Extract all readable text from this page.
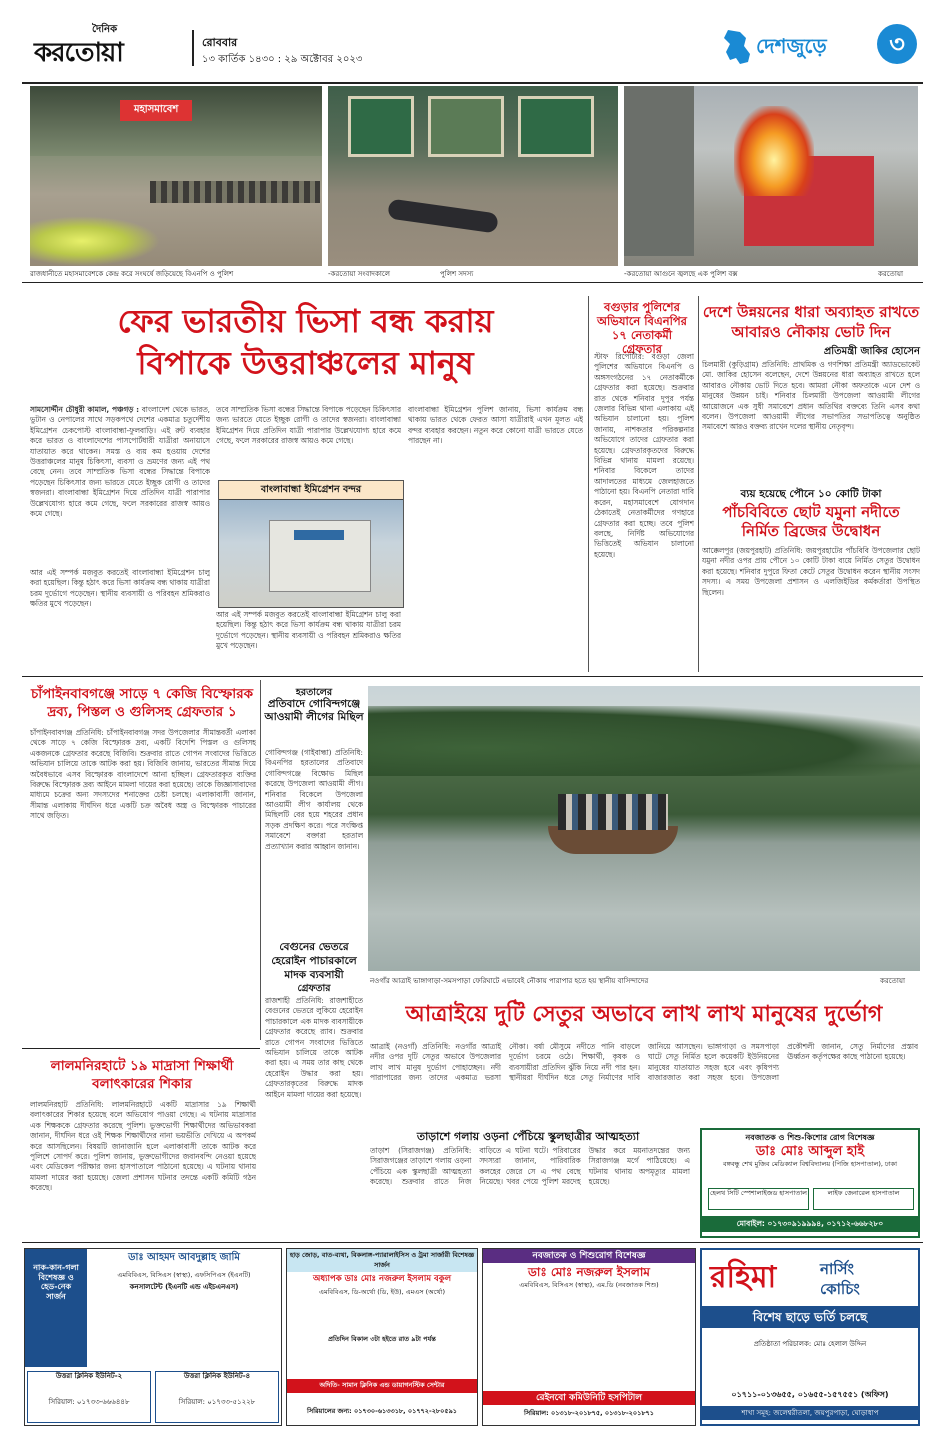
দৈনিক
করতোয়া	রোববার
১৩ কার্তিক ১৪৩০ : ২৯ অক্টোবর ২০২৩
দেশজুড়ে	৩
মহাসমাবেশ
রাজধানীতে মহাসমাবেশকে কেন্দ্র করে সংঘর্ষে জড়িয়েছে বিএনপি ও পুলিশ	-করতোয়া সংবাদকালে	পুলিশ সদস্য	-করতোয়া আগুনে জ্বলছে এক পুলিশ বক্স	করতোয়া
ফের ভারতীয় ভিসা বন্ধ করায়
বিপাকে উত্তরাঞ্চলের মানুষ
সামসোর্দ্দীন চৌধুরী কামাল, পঞ্চগড় : বাংলাদেশ থেকে ভারত, ভুটান ও নেপালের সাথে সড়কপথে দেশের একমাত্র চতুর্দেশীয় ইমিগ্রেশন চেকপোস্ট বাংলাবান্ধা-ফুলবাড়ি। এই রুট ব্যবহার করে ভারত ও বাংলাদেশের পাসপোর্টধারী যাত্রীরা অনায়াসে যাতায়াত করে থাকেন। সমস্ত ও ব্যয় কম হওয়ায় দেশের উত্তরাঞ্চলের মানুষ চিকিৎসা, ব্যবসা ও ভ্রমণের জন্য এই পথ বেছে নেন। তবে সাম্প্রতিক ভিসা বন্ধের সিদ্ধান্তে বিপাকে পড়েছেন চিকিৎসার জন্য ভারতে যেতে ইচ্ছুক রোগী ও তাদের স্বজনরা। বাংলাবান্ধা ইমিগ্রেশন দিয়ে প্রতিদিন যাত্রী পারাপার উল্লেখযোগ্য হারে কমে গেছে, ফলে সরকারের রাজস্ব আয়ও কমে গেছে।
তবে সাম্প্রতিক ভিসা বন্ধের সিদ্ধান্তে বিপাকে পড়েছেন চিকিৎসার জন্য ভারতে যেতে ইচ্ছুক রোগী ও তাদের স্বজনরা। বাংলাবান্ধা ইমিগ্রেশন দিয়ে প্রতিদিন যাত্রী পারাপার উল্লেখযোগ্য হারে কমে গেছে, ফলে সরকারের রাজস্ব আয়ও কমে গেছে।
বাংলাবান্ধা ইমিগ্রেশন পুলিশ জানায়, ভিসা কার্যক্রম বন্ধ থাকায় ভারত থেকে ফেরত আসা যাত্রীরাই এখন মূলত এই বন্দর ব্যবহার করছেন। নতুন করে কোনো যাত্রী ভারতে যেতে পারছেন না।
বাংলাবান্ধা ইমিগ্রেশন বন্দর
আর এই সম্পর্ক মজবুত করতেই বাংলাবান্ধা ইমিগ্রেশন চালু করা হয়েছিল। কিন্তু হঠাৎ করে ভিসা কার্যক্রম বন্ধ থাকায় যাত্রীরা চরম দুর্ভোগে পড়েছেন। স্থানীয় ব্যবসায়ী ও পরিবহন শ্রমিকরাও ক্ষতির মুখে পড়েছেন।
আর এই সম্পর্ক মজবুত করতেই বাংলাবান্ধা ইমিগ্রেশন চালু করা হয়েছিল। কিন্তু হঠাৎ করে ভিসা কার্যক্রম বন্ধ থাকায় যাত্রীরা চরম দুর্ভোগে পড়েছেন। স্থানীয় ব্যবসায়ী ও পরিবহন শ্রমিকরাও ক্ষতির মুখে পড়েছেন।
বগুড়ার পুলিশের অভিযানে বিএনপির ১৭ নেতাকর্মী গ্রেফতার
স্টাফ রিপোর্টার: বগুড়া জেলা পুলিশের অভিযানে বিএনপি ও অঙ্গসংগঠনের ১৭ নেতাকর্মীকে গ্রেফতার করা হয়েছে। শুক্রবার রাত থেকে শনিবার দুপুর পর্যন্ত জেলার বিভিন্ন থানা এলাকায় এই অভিযান চালানো হয়। পুলিশ জানায়, নাশকতার পরিকল্পনার অভিযোগে তাদের গ্রেফতার করা হয়েছে। গ্রেফতারকৃতদের বিরুদ্ধে বিভিন্ন থানায় মামলা রয়েছে। শনিবার বিকেলে তাদের আদালতের মাধ্যমে জেলহাজতে পাঠানো হয়। বিএনপি নেতারা দাবি করেন, মহাসমাবেশে যোগদান ঠেকাতেই নেতাকর্মীদের গণহারে গ্রেফতার করা হচ্ছে। তবে পুলিশ বলছে, নির্দিষ্ট অভিযোগের ভিত্তিতেই অভিযান চালানো হয়েছে।
দেশে উন্নয়নের ধারা অব্যাহত রাখতে
আবারও নৌকায় ভোট দিন
প্রতিমন্ত্রী জাকির হোসেন
চিলমারী (কুড়িগ্রাম) প্রতিনিধি: প্রাথমিক ও গণশিক্ষা প্রতিমন্ত্রী অ্যাডভোকেট মো. জাকির হোসেন বলেছেন, দেশে উন্নয়নের ধারা অব্যাহত রাখতে হলে আবারও নৌকায় ভোট দিতে হবে। আমরা নৌকা অফতাকে এনে দেশ ও মানুষের উন্নয়ন চাই। শনিবার চিলমারী উপজেলা আওয়ামী লীগের আয়োজনে এক সুধী সমাবেশে প্রধান অতিথির বক্তব্যে তিনি এসব কথা বলেন। উপজেলা আওয়ামী লীগের সভাপতির সভাপতিত্বে অনুষ্ঠিত সমাবেশে আরও বক্তব্য রাখেন দলের স্থানীয় নেতৃবৃন্দ।
ব্যয় হয়েছে পৌনে ১০ কোটি টাকা
পাঁচবিবিতে ছোট যমুনা নদীতে
নির্মিত ব্রিজের উদ্বোধন
আক্কেলপুর (জয়পুরহাট) প্রতিনিধি: জয়পুরহাটের পাঁচবিবি উপজেলার ছোট যমুনা নদীর ওপর প্রায় পৌনে ১০ কোটি টাকা ব্যয়ে নির্মিত সেতুর উদ্বোধন করা হয়েছে। শনিবার দুপুরে ফিতা কেটে সেতুর উদ্বোধন করেন স্থানীয় সংসদ সদস্য। এ সময় উপজেলা প্রশাসন ও এলজিইডির কর্মকর্তারা উপস্থিত ছিলেন।
চাঁপাইনবাবগঞ্জে সাড়ে ৭ কেজি বিস্ফোরক
দ্রব্য, পিস্তল ও গুলিসহ গ্রেফতার ১
চাঁপাইনবাবগঞ্জ প্রতিনিধি: চাঁপাইনবাবগঞ্জ সদর উপজেলার সীমান্তবর্তী এলাকা থেকে সাড়ে ৭ কেজি বিস্ফোরক দ্রব্য, একটি বিদেশি পিস্তল ও গুলিসহ একজনকে গ্রেফতার করেছে বিজিবি। শুক্রবার রাতে গোপন সংবাদের ভিত্তিতে অভিযান চালিয়ে তাকে আটক করা হয়। বিজিবি জানায়, ভারতের সীমান্ত দিয়ে অবৈধভাবে এসব বিস্ফোরক বাংলাদেশে আনা হচ্ছিল। গ্রেফতারকৃত ব্যক্তির বিরুদ্ধে বিস্ফোরক দ্রব্য আইনে মামলা দায়ের করা হয়েছে। তাকে জিজ্ঞাসাবাদের মাধ্যমে চক্রের অন্য সদস্যদের শনাক্তের চেষ্টা চলছে। এলাকাবাসী জানান, সীমান্ত এলাকায় দীর্ঘদিন ধরে একটি চক্র অবৈধ অস্ত্র ও বিস্ফোরক পাচারের সাথে জড়িত।
হরতালের
প্রতিবাদে গোবিন্দগঞ্জে আওয়ামী লীগের মিছিল
গোবিন্দগঞ্জ (গাইবান্ধা) প্রতিনিধি: বিএনপির হরতালের প্রতিবাদে গোবিন্দগঞ্জে বিক্ষোভ মিছিল করেছে উপজেলা আওয়ামী লীগ। শনিবার বিকেলে উপজেলা আওয়ামী লীগ কার্যালয় থেকে মিছিলটি বের হয়ে শহরের প্রধান সড়ক প্রদক্ষিণ করে। পরে সংক্ষিপ্ত সমাবেশে বক্তারা হরতাল প্রত্যাখ্যান করার আহ্বান জানান।
বেগুনের ভেতরে
হেরোইন পাচারকালে
মাদক ব্যবসায়ী
গ্রেফতার
রাজশাহী প্রতিনিধি: রাজশাহীতে বেগুনের ভেতরে লুকিয়ে হেরোইন পাচারকালে এক মাদক ব্যবসায়ীকে গ্রেফতার করেছে র‍্যাব। শুক্রবার রাতে গোপন সংবাদের ভিত্তিতে অভিযান চালিয়ে তাকে আটক করা হয়। এ সময় তার কাছ থেকে হেরোইন উদ্ধার করা হয়। গ্রেফতারকৃতের বিরুদ্ধে মাদক আইনে মামলা দায়ের করা হয়েছে।
নওগাঁর আত্রাই ভাঙ্গাগাড়া-সমসপাড়া ফেরিঘাটে এভাবেই নৌকায় পারাপার হতে হয় স্থানীয় বাসিন্দাদের	করতোয়া
লালমনিরহাটে ১৯ মাদ্রাসা শিক্ষার্থী
বলাৎকারের শিকার
লালমনিরহাট প্রতিনিধি: লালমনিরহাটে একটি মাদ্রাসার ১৯ শিক্ষার্থী বলাৎকারের শিকার হয়েছে বলে অভিযোগ পাওয়া গেছে। এ ঘটনায় মাদ্রাসার এক শিক্ষককে গ্রেফতার করেছে পুলিশ। ভুক্তভোগী শিক্ষার্থীদের অভিভাবকরা জানান, দীর্ঘদিন ধরে ওই শিক্ষক শিক্ষার্থীদের নানা ভয়ভীতি দেখিয়ে এ অপকর্ম করে আসছিলেন। বিষয়টি জানাজানি হলে এলাকাবাসী তাকে আটক করে পুলিশে সোপর্দ করে। পুলিশ জানায়, ভুক্তভোগীদের জবানবন্দি নেওয়া হয়েছে এবং মেডিকেল পরীক্ষার জন্য হাসপাতালে পাঠানো হয়েছে। এ ঘটনায় থানায় মামলা দায়ের করা হয়েছে। জেলা প্রশাসন ঘটনার তদন্তে একটি কমিটি গঠন করেছে।
আত্রাইয়ে দুটি সেতুর অভাবে লাখ লাখ মানুষের দুর্ভোগ
আত্রাই (নওগাঁ) প্রতিনিধি: নওগাঁর আত্রাই নদীর ওপর দুটি সেতুর অভাবে উপজেলার লাখ লাখ মানুষ দুর্ভোগ পোহাচ্ছেন। নদী পারাপারের জন্য তাদের একমাত্র ভরসা নৌকা। বর্ষা মৌসুমে নদীতে পানি বাড়লে দুর্ভোগ চরমে ওঠে। শিক্ষার্থী, কৃষক ও ব্যবসায়ীরা প্রতিদিন ঝুঁকি নিয়ে নদী পার হন। স্থানীয়রা দীর্ঘদিন ধরে সেতু নির্মাণের দাবি জানিয়ে আসছেন। ভাঙ্গাগাড়া ও সমসপাড়া ঘাটে সেতু নির্মিত হলে কয়েকটি ইউনিয়নের মানুষের যাতায়াত সহজ হবে এবং কৃষিপণ্য বাজারজাত করা সহজ হবে। উপজেলা প্রকৌশলী জানান, সেতু নির্মাণের প্রস্তাব ঊর্ধ্বতন কর্তৃপক্ষের কাছে পাঠানো হয়েছে।
তাড়াশে গলায় ওড়না পেঁচিয়ে স্কুলছাত্রীর আত্মহত্যা
তাড়াশ (সিরাজগঞ্জ) প্রতিনিধি: সিরাজগঞ্জের তাড়াশে গলায় ওড়না পেঁচিয়ে এক স্কুলছাত্রী আত্মহত্যা করেছে। শুক্রবার রাতে নিজ বাড়িতে এ ঘটনা ঘটে। পরিবারের সদস্যরা জানান, পারিবারিক কলহের জেরে সে এ পথ বেছে নিয়েছে। খবর পেয়ে পুলিশ মরদেহ উদ্ধার করে ময়নাতদন্তের জন্য সিরাজগঞ্জ মর্গে পাঠিয়েছে। এ ঘটনায় থানায় অপমৃত্যুর মামলা হয়েছে।
নবজাতক ও শিশু-কিশোর রোগ বিশেষজ্ঞ
ডাঃ মোঃ আব্দুল হাই
বঙ্গবন্ধু শেখ মুজিব মেডিক্যাল বিশ্ববিদ্যালয় (পিজি হাসপাতাল), ঢাকা
হেলথ সিটি স্পেশালাইজড হাসপাতাল	লাইফ জেনারেল হাসপাতাল
মোবাইল: ০১৭৩০৯১৯৯৯৪, ০১৭১২-৬৬৮২৮০
নাক-কান-গলা
বিশেষজ্ঞ ও
হেড-নেক
সার্জন
ডাঃ আহমদ আবদুল্লাহ জামি
এমবিবিএস, বিসিএস (স্বাস্থ্য), এফসিপিএস (ইএনটি)
কনসালটেন্ট (ইএনটি এন্ড এইচএনএস)
উত্তরা ক্লিনিক ইউনিট-২
সিরিয়াল: ০১৭৩৩-৬৬৬৪৪৮
উত্তরা ক্লিনিক ইউনিট-৪
সিরিয়াল: ০১৭৩৩-৫১২২৮
হাড় জোড়, বাত-ব্যথা, বিকলাঙ্গ-প্যারালাইসিস ও ট্রমা সার্জারী বিশেষজ্ঞ সার্জন
অধ্যাপক ডাঃ মোঃ নজরুল ইসলাম বকুল
এমবিবিএস, ডি-অর্থো (ডি, ইউ), এমএস (অর্থো)
প্রতিদিন বিকাল ৩টা হইতে রাত ৯টা পর্যন্ত
অদিতি- সামান ক্লিনিক এন্ড ডায়াগনস্টিক সেন্টার
সিরিয়ালের জন্য: ০১৭৩০-৬১৩৩১৮, ০১৭৭২-২৮০৫৯১
নবজাতক ও শিশুরোগ বিশেষজ্ঞ
ডাঃ মোঃ নজরুল ইসলাম
এমবিবিএস, বিসিএস (স্বাস্থ্য), এম.ডি (নবজাতক শিশু)
রেইনবো কমিউনিটি হসপিটাল
সিরিয়াল: ০১৩১৮-২০১৮৭৫, ০১৩১৮-২০১৮৭১
রহিমা	নার্সিং
কোচিং
বিশেষ ছাড়ে ভর্তি চলছে
প্রতিষ্ঠাতা পরিচালক: মোঃ হেলাল উদ্দিন
০১৭১১-০১৩৬৫৫, ০১৬৫৫-১৫৭৫৫১ (অফিস)
শাখা সমূহ: জলেশ্বরীতলা, জয়পুরপাড়া, ঘোড়াধাপ
